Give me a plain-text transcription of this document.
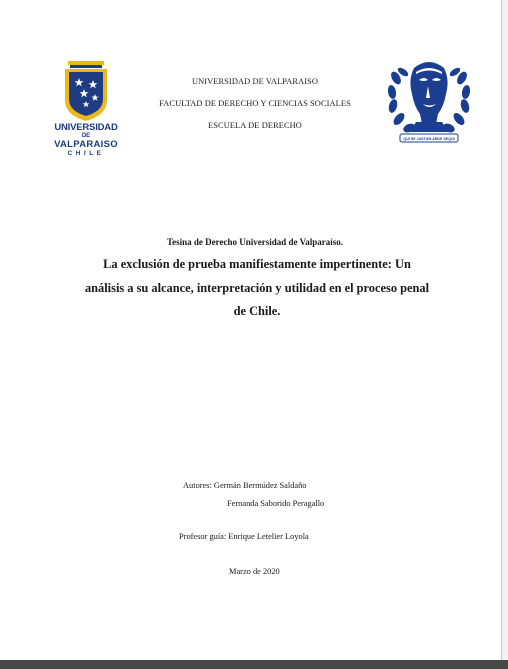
UNIVERSIDAD
DE
VALPARAISO
CHILE
UNIVERSIDAD DE VALPARAISO
FACULTAD DE DERECHO Y CIENCIAS SOCIALES
ESCUELA DE DERECHO
QUI SE JUSTUM ARDE SEQUI
Tesina de Derecho Universidad de Valparaíso.
La exclusión de prueba manifiestamente impertinente: Un
análisis a su alcance, interpretación y utilidad en el proceso penal
de Chile.
Autores: Germán Bermúdez Saldaño
Fernanda Saborido Peragallo
Profesor guía: Enrique Letelier Loyola
Marzo de 2020
